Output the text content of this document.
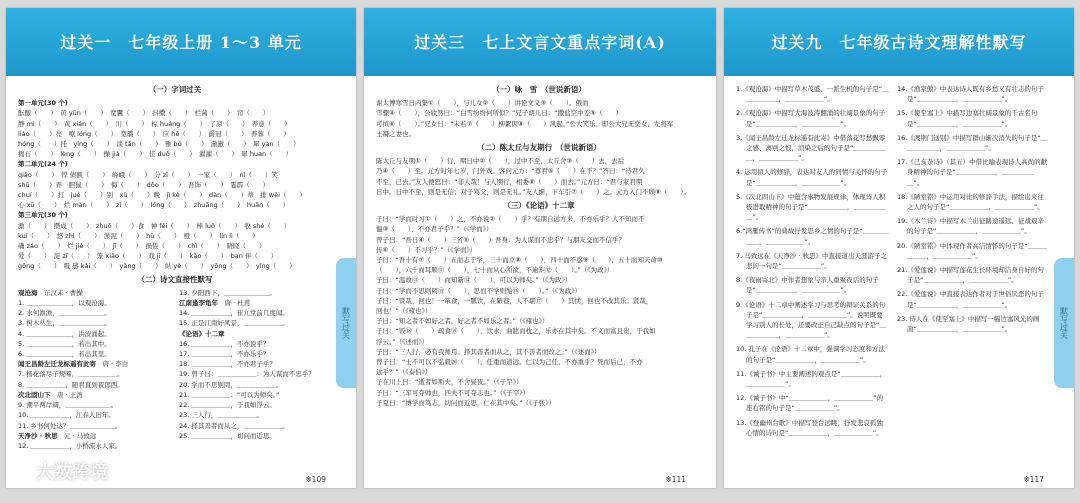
过关一　七年级上册 1～3 单元
（一）字词过关
第一单元(30 个)
酝酿（　　）　黄 yūn（　　）　宽囊（　　）　抖擞（　　）　栏菌（　　）　帘（　　）
静 mì（　　）　黄 xián（　　）　川（　　）　棕 huáng（　　）　了凉（　　）　养意（　　）
liáo（　　）亮　嘹 lóng（　　）　宽璐（　　）　应 hē（　　）　爵冠（　　）　养蓉（　　）
hóng（　　）托　yǐng（　　）　淡 tǎn（　　）　雅 bó（　　）　澈澈（　　）　犀 yàn（　　）
揭石（　　）　lèng（　　）　操 jià（　　）　佳 duō（　　）　濯濯（　　）　犀 huan（　　）
第二单元(24 个)
qiāo（　　）　悍 债额（　　）　峰峨（　　）　分 zī（　　）　一家（　　）　nì（　　）笑
shǔ（　　）弄　胆鼠（　　）　侮（　　）　dōo（　　）　吾饰（　　）　霎霹（　　）
chuí（　　）打　jué（　　）别　xù（　　）晚　jì kè（　　）　dàn（　　）蒂　排 wěi（　　）
心 xū（　　）　烂 màn（　　）　zī（　　）　lóng（　　）　zhuāng（　　）　huǎn（　　）
第三单元(30 个)
激（　　）　攒成（　　）　zhuō（　　）食　神 fēi（　　）　棒 luō（　　）　收 shé（　　）
kuí（　　）　悠 zhì（　　）　淤泥（　　）　hǔ（　　）　橙（　　）　lín lì（　　）
确 záo（　　）　烂 jiè（　　）　jī（　　）　损倦（　　）　chì（　　）　晓晓（　　）
爱（　　）　淀 zī（　　）　笼 xiāo（　　）　戏 jī（　　）　kǎo（　　）　ban 伴（　　）
gǒng（　　）　吸 感 kǎi（　　）　yǎng（　　）　纵 yè（　　）　yōng（　　）　yǐng（　　）
（二）诗文直接性默写
观沧海　 东汉末 · 曹操
1. ＿＿＿＿＿＿＿，以观沧海。
2. 水何澹澹，＿＿＿＿＿＿＿。
3. 树木丛生，＿＿＿＿＿＿＿。
4. ＿＿＿＿＿＿＿，洪波涌起。
5. ＿＿＿＿＿＿＿，若出其中。
6. ＿＿＿＿＿＿＿，若出其里。
闻王昌龄左迁龙标遥有此寄　 唐 · 李白
7. 杨花落尽子规啼，＿＿＿＿＿＿。
8. ＿＿＿＿＿＿，随君直到夜郎西。
次北固山下　 唐 · 王湾
9. 潮平两岸阔，＿＿＿＿＿＿＿。
10. ＿＿＿＿＿＿，江春入旧年。
11. 乡书何处达？＿＿＿＿＿＿＿。
天净沙 · 秋思　 元 · 马致远
12. ＿＿＿＿＿＿，小桥流水人家。
13. 夕阳西下，＿＿＿＿＿＿＿。
江南逢李龟年　 唐 · 杜甫
14. ＿＿＿＿＿＿，崔九堂前几度闻。
15. 正是江南好风景，＿＿＿＿＿＿。
《论语》十二章
16. ＿＿＿＿＿＿，不亦说乎？
17. ＿＿＿＿＿＿，不亦乐乎？
18. ＿＿＿＿＿＿，不亦君子乎？
19. 曾子曰：＿＿＿＿＿＿：为人谋而不忠乎？
20. 学而不思则罔，＿＿＿＿＿＿。
21. ＿＿＿＿＿＿：“可以为师矣。”
22. ＿＿＿＿＿＿，于我如浮云。
23. 三人行，＿＿＿＿＿＿。
24. 择其善者而从之，＿＿＿＿＿＿。
25. ＿＿＿＿＿＿，切问而近思。
默写过关
※109
大数跨境
过关三　七上文言文重点字词(A)
（一）咏　雪　（世说新语）
谢太傅寒雪日内集①（　　），与儿女②（　　）讲论文义③（　　）。俄而
雪骤④（　　），公欣然曰：“白雪纷纷何所似？”兄子胡儿曰：“撒盐空中差⑤（　　）
可拟⑥（　　）。”兄女曰：“未若⑦（　　）柳絮因⑧（　　）风起。”公大笑乐。即公大兄无奕女，左将军
王凝之妻也。
（二）陈太丘与友期行　（世说新语）
陈太丘与友期①（　　）行，期日中②（　　），过中不至，太丘舍③（　　）去，去后
乃④（　　）至。元方时年七岁，门外戏。客问元方：“尊君⑤（　　）在不？”答曰：“待君久
不至，已去。”友人便怒曰：“非人哉！与人期行，相委⑥（　　）而去。”元方曰：“君与家君期
日中。日中不至，则是无信；对子骂父，则是无礼。”友人惭，下车引⑦（　　）之。元方入门不顾⑧（　　）。
（三）《论语》十二章
子曰：“学而时习①（　　）之，不亦说②（　　）乎？有朋自远方来，不亦乐乎？人不知而不
愠③（　　），不亦君子乎？”（《学而》）
曾子曰：“吾日④（　　）三省⑤（　　）吾身：为人谋而不忠乎？与朋友交而不信乎？
传⑥（　　）不习乎？”（《学而》）
子曰：“吾十有⑦（　　）五而志于学，三十而立⑧（　　），四十而不惑⑨（　　），五十而知天命⑩
（　　），六十而耳顺⑪（　　），七十而从心所欲，不逾矩⑫（　　）。”（《为政》）
子曰：“温故⑬（　　）而知新⑭（　　），可以为师矣。”（《为政》）
子曰：“学而不思则罔⑮（　　），思而不学则殆⑯（　　）。”（《为政》）
子曰：“贤哉，回也！一箪食，一瓢饮，在陋巷，人不堪⑰（　　）其忧，回也不改其乐。贤哉，
回也！”（《雍也》）
子曰：“知之者不如好之者，好之者不如乐之者。”（《雍也》）
子曰：“饭⑱（　　）疏食⑲（　　），饮水，曲肱而枕之，乐亦在其中矣。不义而富且贵，于我如
浮云。”（《述而》）
子曰：“三人行，必有我师焉。择其善者而从之，其不善者而改之。”（《述而》）
曾子曰：“士不可以不弘毅⑳（　　），任重而道远。仁以为己任，不亦重乎？死而后已，不亦
远乎？”（《泰伯》）
子在川上曰：“逝者如斯夫，不舍昼夜。”（《子罕》）
子曰：“三军可夺帅也，匹夫不可夺志也。”（《子罕》）
子夏曰：“博学而笃志，切问而近思，仁在其中矣。”（《子张》）
※111
过关九　七年级古诗文理解性默写
1.《观沧海》中描写草木茂盛、一派生机的句子是“＿＿＿＿＿＿，＿＿＿＿＿＿”。
2.《观沧海》中描写大海波涛翻涌的壮阔景象的句子是“＿＿＿＿＿＿，＿＿＿＿＿＿”。
3.《闻王昌龄左迁龙标遥有此寄》中借落花写愁飘零之感、离别之恨，渲染之后的句子是“＿＿＿＿＿＿，＿＿＿＿＿＿”。
4. 运用拟人的修辞，表达对友人的同情与关怀的句子是“＿＿＿＿＿＿，＿＿＿＿＿＿”。
5.《次北固山下》中蕴含事物发展规律，体现诗人积极进取精神的句子是“＿＿＿＿＿＿，＿＿＿＿＿＿”。
6.“鸿雁传书”的典故抒发思乡之情的句子是“＿＿＿＿＿＿，＿＿＿＿＿＿”。
7. 马致远在《天净沙 · 秋思》中直接道出天涯游子之悲的一句是“＿＿＿＿＿＿”。
8.《夜雨寄北》中作者想象与亲人重聚夜话的句子是“＿＿＿＿＿＿，＿＿＿＿＿＿”。
9.《论语》十二章中阐述学习与思考的辩证关系的句子是“＿＿＿＿＿＿，＿＿＿＿＿＿”。说明既要学习别人的长处，还要改正自己缺点的句子是“＿＿＿＿＿＿，＿＿＿＿＿＿”。
10. 孔子在《论语》十二章中，强调学习态度和方法的句子是“＿＿＿＿＿＿，＿＿＿＿＿＿”。
11.《诫子书》中主要阐述的观点是“＿＿＿＿＿＿，＿＿＿＿＿＿”。
12.《诫子书》中“＿＿＿＿＿＿，＿＿＿＿＿＿”的座右铭的句子是“＿＿＿＿＿＿”。
13.《登幽州台歌》中描写登台远眺，抒发悲哀孤独心情的诗句是“＿＿＿＿＿＿，＿＿＿＿＿＿”。
14.《渔家傲》中表达诗人既有乡愁又有壮志的句子是“＿＿＿＿＿＿，＿＿＿＿＿＿”。
15.《使至塞上》中描写边塞壮阔景象的千古名句是“＿＿＿＿＿＿，＿＿＿＿＿＿”。
16.《渡荆门送别》中描写群山渐次消失的句子是“＿＿＿＿＿＿，＿＿＿＿＿＿”。
17.《己亥杂诗》（其五）中借比喻表现诗人高尚的献身精神的句子是“＿＿＿＿＿＿，＿＿＿＿＿＿”。
18.《陋室铭》中运用对比的修辞手法，描绘出来往之人的句子是“＿＿＿＿＿＿，＿＿＿＿＿＿”。
19.《木兰诗》中描写木兰出征路途遥远、征战艰辛的句子是“＿＿＿＿＿＿，＿＿＿＿＿＿”。
20.《陋室铭》中体现作者高洁情怀的句子是“＿＿＿＿＿＿，＿＿＿＿＿＿”。
21.《爱莲说》中描写莲花生长环境却洁身自好的句子是“＿＿＿＿＿＿，＿＿＿＿＿＿”。
22.《爱莲说》中直接表达作者对于世俗厌恶的句子是“＿＿＿＿＿＿，＿＿＿＿＿＿”。
23. 诗人在《使至塞上》中描写一幅边塞风光的画面“＿＿＿＿＿＿，＿＿＿＿＿＿”。	默写过关
※117
